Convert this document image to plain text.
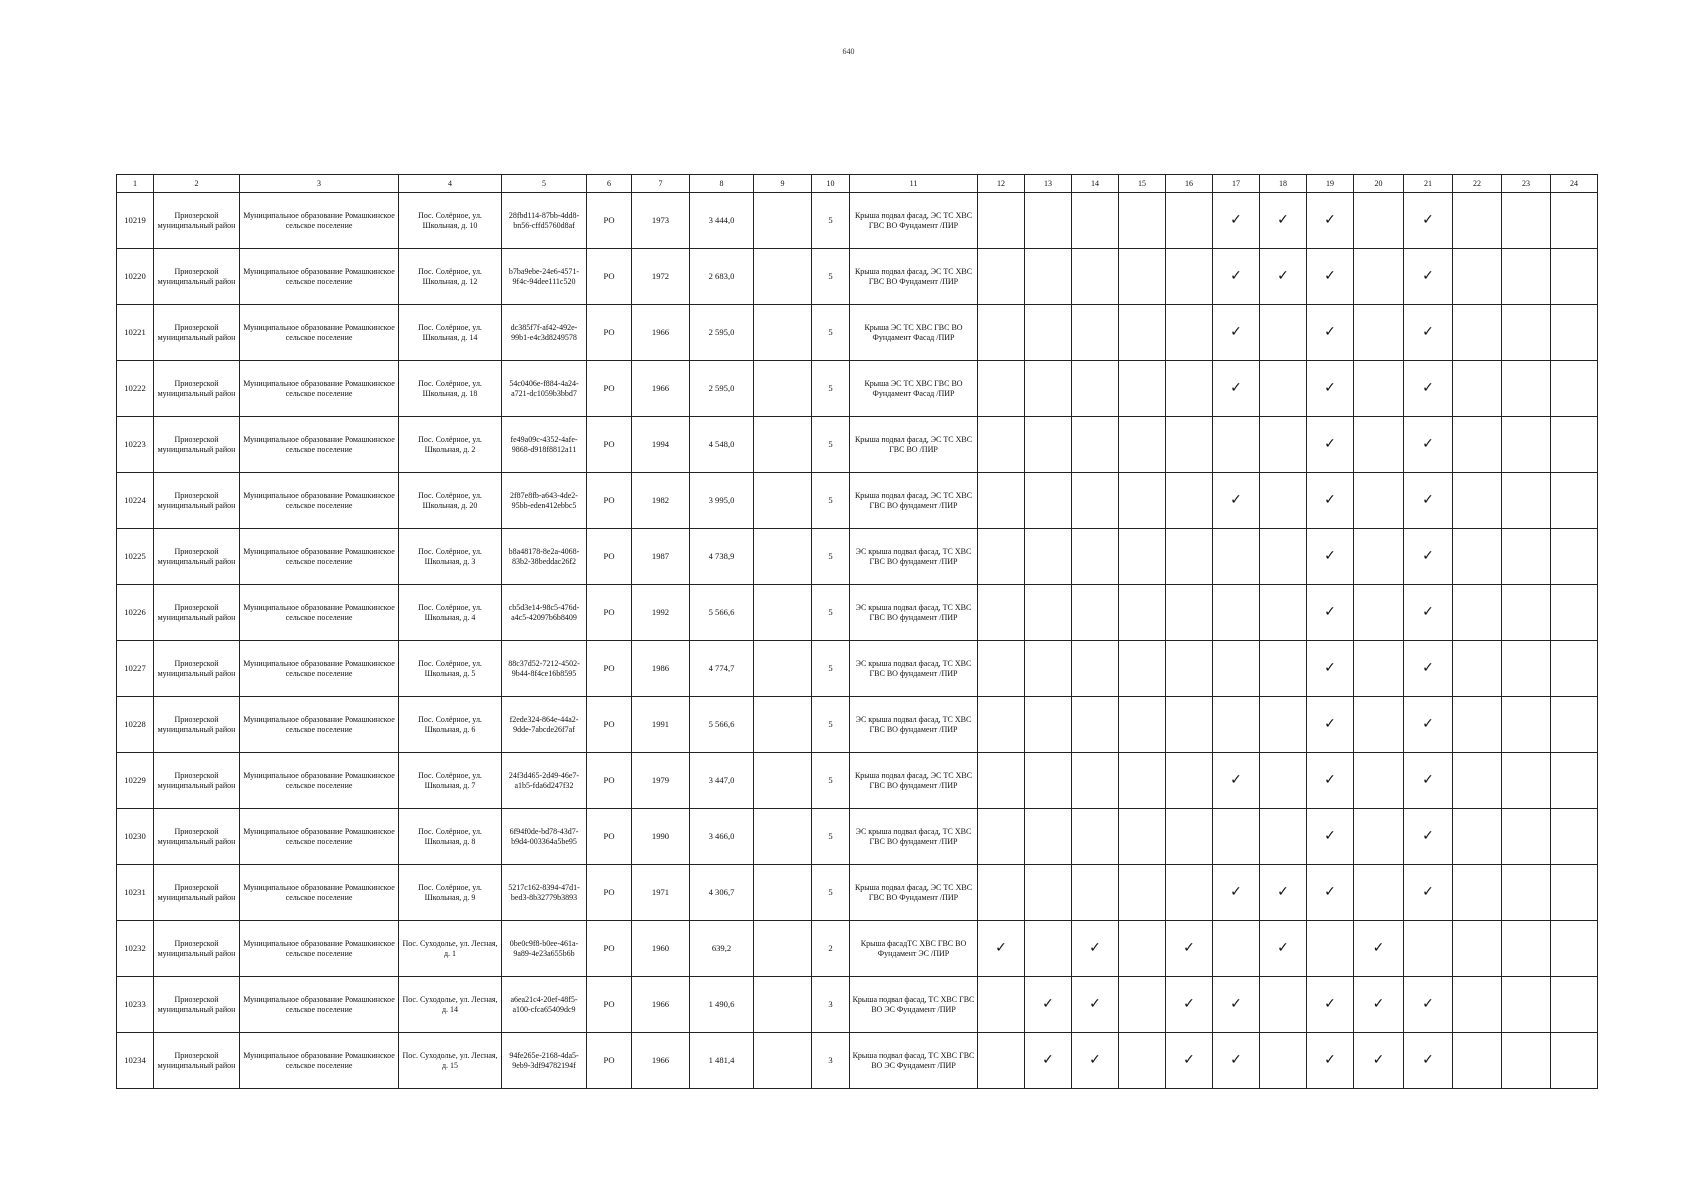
640
1	2	3	4	5	6	7	8	9	10	11	12	13	14	15	16	17	18	19	20	21	22	23	24
10219	Приозерской муниципальный район	Муниципальное образование Ромашкинское сельское поселение	Пос. Солёрное, ул. Школьная, д. 10	28fbd114-87bb-4dd8-bn56-cffd5760d8af	РО	1973	3 444,0		5	Крыша подвал фасад, ЭС ТС ХВС ГВС ВО Фундамент /ПИР						✓	✓	✓		✓			
10220	Приозерской муниципальный район	Муниципальное образование Ромашкинское сельское поселение	Пос. Солёрное, ул. Школьная, д. 12	b7ba9ebe-24e6-4571-9f4c-94dee111c520	РО	1972	2 683,0		5	Крыша подвал фасад, ЭС ТС ХВС ГВС ВО Фундамент /ПИР						✓	✓	✓		✓			
10221	Приозерской муниципальный район	Муниципальное образование Ромашкинское сельское поселение	Пос. Солёрное, ул. Школьная, д. 14	dc385f7f-af42-492e-99b1-e4c3d8249578	РО	1966	2 595,0		5	Крыша ЭС ТС ХВС ГВС ВО Фундамент Фасад /ПИР						✓		✓		✓			
10222	Приозерской муниципальный район	Муниципальное образование Ромашкинское сельское поселение	Пос. Солёрное, ул. Школьная, д. 18	54c0406e-f884-4a24-a721-dc1059b3bbd7	РО	1966	2 595,0		5	Крыша ЭС ТС ХВС ГВС ВО Фундамент Фасад /ПИР						✓		✓		✓			
10223	Приозерской муниципальный район	Муниципальное образование Ромашкинское сельское поселение	Пос. Солёрное, ул. Школьная, д. 2	fe49a09c-4352-4afe-9868-d918f8812a11	РО	1994	4 548,0		5	Крыша подвал фасад, ЭС ТС ХВС ГВС ВО /ПИР								✓		✓			
10224	Приозерской муниципальный район	Муниципальное образование Ромашкинское сельское поселение	Пос. Солёрное, ул. Школьная, д. 20	2f87e8fb-a643-4de2-95bb-eden412ebbc5	РО	1982	3 995,0		5	Крыша подвал фасад, ЭС ТС ХВС ГВС ВО фундамент /ПИР						✓		✓		✓			
10225	Приозерской муниципальный район	Муниципальное образование Ромашкинское сельское поселение	Пос. Солёрное, ул. Школьная, д. 3	b8a48178-8e2a-4068-83b2-38beddac26f2	РО	1987	4 738,9		5	ЭС крыша подвал фасад, ТС ХВС ГВС ВО фундамент /ПИР								✓		✓			
10226	Приозерской муниципальный район	Муниципальное образование Ромашкинское сельское поселение	Пос. Солёрное, ул. Школьная, д. 4	cb5d3e14-98c5-476d-a4c5-42097b6b8409	РО	1992	5 566,6		5	ЭС крыша подвал фасад, ТС ХВС ГВС ВО фундамент /ПИР								✓		✓			
10227	Приозерской муниципальный район	Муниципальное образование Ромашкинское сельское поселение	Пос. Солёрное, ул. Школьная, д. 5	88c37d52-7212-4502-9b44-8f4ce16b8595	РО	1986	4 774,7		5	ЭС крыша подвал фасад, ТС ХВС ГВС ВО фундамент /ПИР								✓		✓			
10228	Приозерской муниципальный район	Муниципальное образование Ромашкинское сельское поселение	Пос. Солёрное, ул. Школьная, д. 6	f2ede324-864e-44a2-9dde-7abcde26f7af	РО	1991	5 566,6		5	ЭС крыша подвал фасад, ТС ХВС ГВС ВО фундамент /ПИР								✓		✓			
10229	Приозерской муниципальный район	Муниципальное образование Ромашкинское сельское поселение	Пос. Солёрное, ул. Школьная, д. 7	24f3d465-2d49-46e7-a1b5-fda6d247f32	РО	1979	3 447,0		5	Крыша подвал фасад, ЭС ТС ХВС ГВС ВО фундамент /ПИР						✓		✓		✓			
10230	Приозерской муниципальный район	Муниципальное образование Ромашкинское сельское поселение	Пос. Солёрное, ул. Школьная, д. 8	6f94f0de-bd78-43d7-b9d4-003364a5be95	РО	1990	3 466,0		5	ЭС крыша подвал фасад, ТС ХВС ГВС ВО фундамент /ПИР								✓		✓			
10231	Приозерской муниципальный район	Муниципальное образование Ромашкинское сельское поселение	Пос. Солёрное, ул. Школьная, д. 9	5217c162-8394-47d1-bed3-8b32779b3893	РО	1971	4 306,7		5	Крыша подвал фасад, ЭС ТС ХВС ГВС ВО Фундамент /ПИР						✓	✓	✓		✓			
10232	Приозерской муниципальный район	Муниципальное образование Ромашкинское сельское поселение	Пос. Суходолье, ул. Лесная, д. 1	0be0c9f8-b0ee-461a-9a89-4e23a655b6b	РО	1960	639,2		2	Крыша фасадТС ХВС ГВС ВО Фундамент ЭС /ПИР	✓		✓		✓		✓		✓				
10233	Приозерской муниципальный район	Муниципальное образование Ромашкинское сельское поселение	Пос. Суходолье, ул. Лесная, д. 14	a6ea21c4-20ef-48f5-a100-cfca65409dc9	РО	1966	1 490,6		3	Крыша подвал фасад, ТС ХВС ГВС ВО ЭС Фундамент /ПИР		✓	✓		✓	✓		✓	✓	✓			
10234	Приозерской муниципальный район	Муниципальное образование Ромашкинское сельское поселение	Пос. Суходолье, ул. Лесная, д. 15	94fe265e-2168-4da5-9eb9-3df94782194f	РО	1966	1 481,4		3	Крыша подвал фасад, ТС ХВС ГВС ВО ЭС Фундамент /ПИР		✓	✓		✓	✓		✓	✓	✓			
